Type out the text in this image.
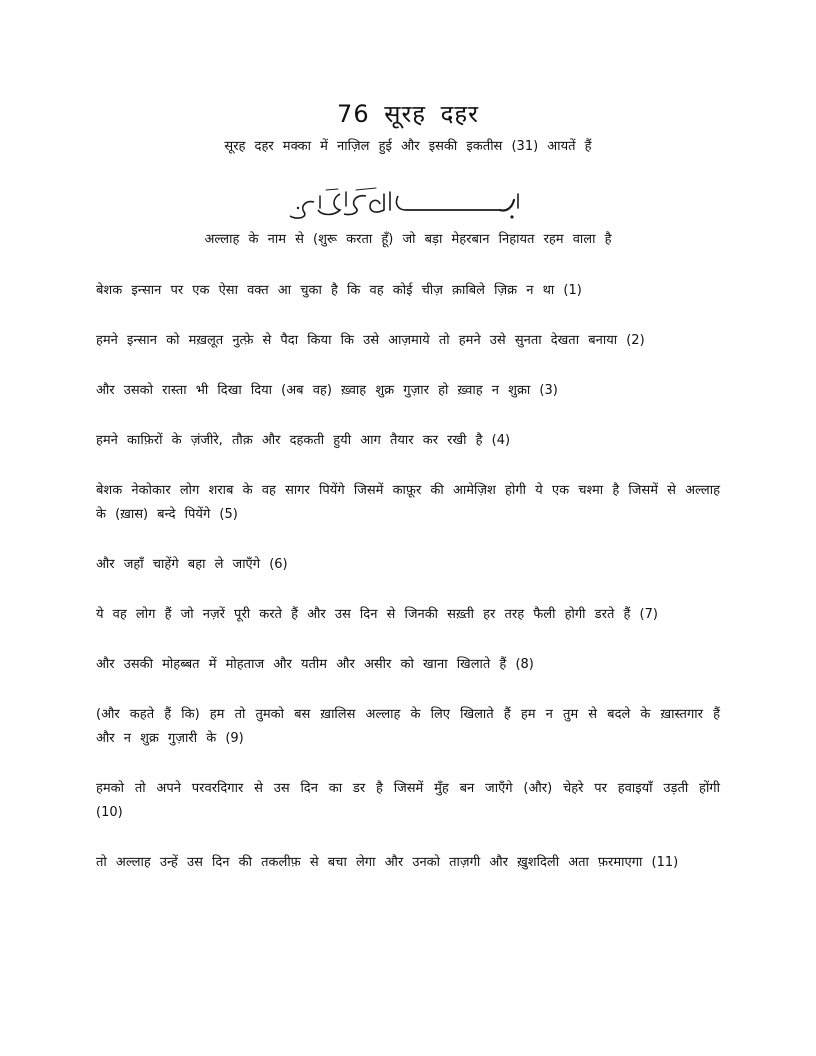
76 सूरह दहर
सूरह दहर मक्का में नाज़िल हुई और इसकी इकतीस (31) आयतें हैं
अल्लाह के नाम से (शुरू करता हूँ) जो बड़ा मेहरबान निहायत रहम वाला है

बेशक इन्सान पर एक ऐसा वक्त आ चुका है कि वह कोई चीज़ क़ाबिले ज़िक्र न था (1)

हमने इन्सान को मख़लूत नुत्फ़े से पैदा किया कि उसे आज़माये तो हमने उसे सुनता देखता बनाया (2)

और उसको रास्ता भी दिखा दिया (अब वह) ख़्वाह शुक्र गुज़ार हो ख़्वाह न शुक्रा (3)

हमने काफ़िरों के ज़ंजीरे, तौक़ और दहकती हुयी आग तैयार कर रखी है (4)

बेशक नेकोकार लोग शराब के वह सागर पियेंगे जिसमें काफ़ूर की आमेज़िश होगी ये एक चश्मा है जिसमें से अल्लाह के (ख़ास) बन्दे पियेंगे (5)

और जहाँ चाहेंगे बहा ले जाएँगे (6)

ये वह लोग हैं जो नज़रें पूरी करते हैं और उस दिन से जिनकी सख़्ती हर तरह फैली होगी डरते हैं (7)

और उसकी मोहब्बत में मोहताज और यतीम और असीर को खाना खिलाते हैं (8)

(और कहते हैं कि) हम तो तुमको बस ख़ालिस अल्लाह के लिए खिलाते हैं हम न तुम से बदले के ख़ास्तगार हैं और न शुक्र गुज़ारी के (9)

हमको तो अपने परवरदिगार से उस दिन का डर है जिसमें मुँह बन जाएँगे (और) चेहरे पर हवाइयाँ उड़ती होंगी (10)

तो अल्लाह उन्हें उस दिन की तकलीफ़ से बचा लेगा और उनको ताज़गी और ख़ुशदिली अता फ़रमाएगा (11)
